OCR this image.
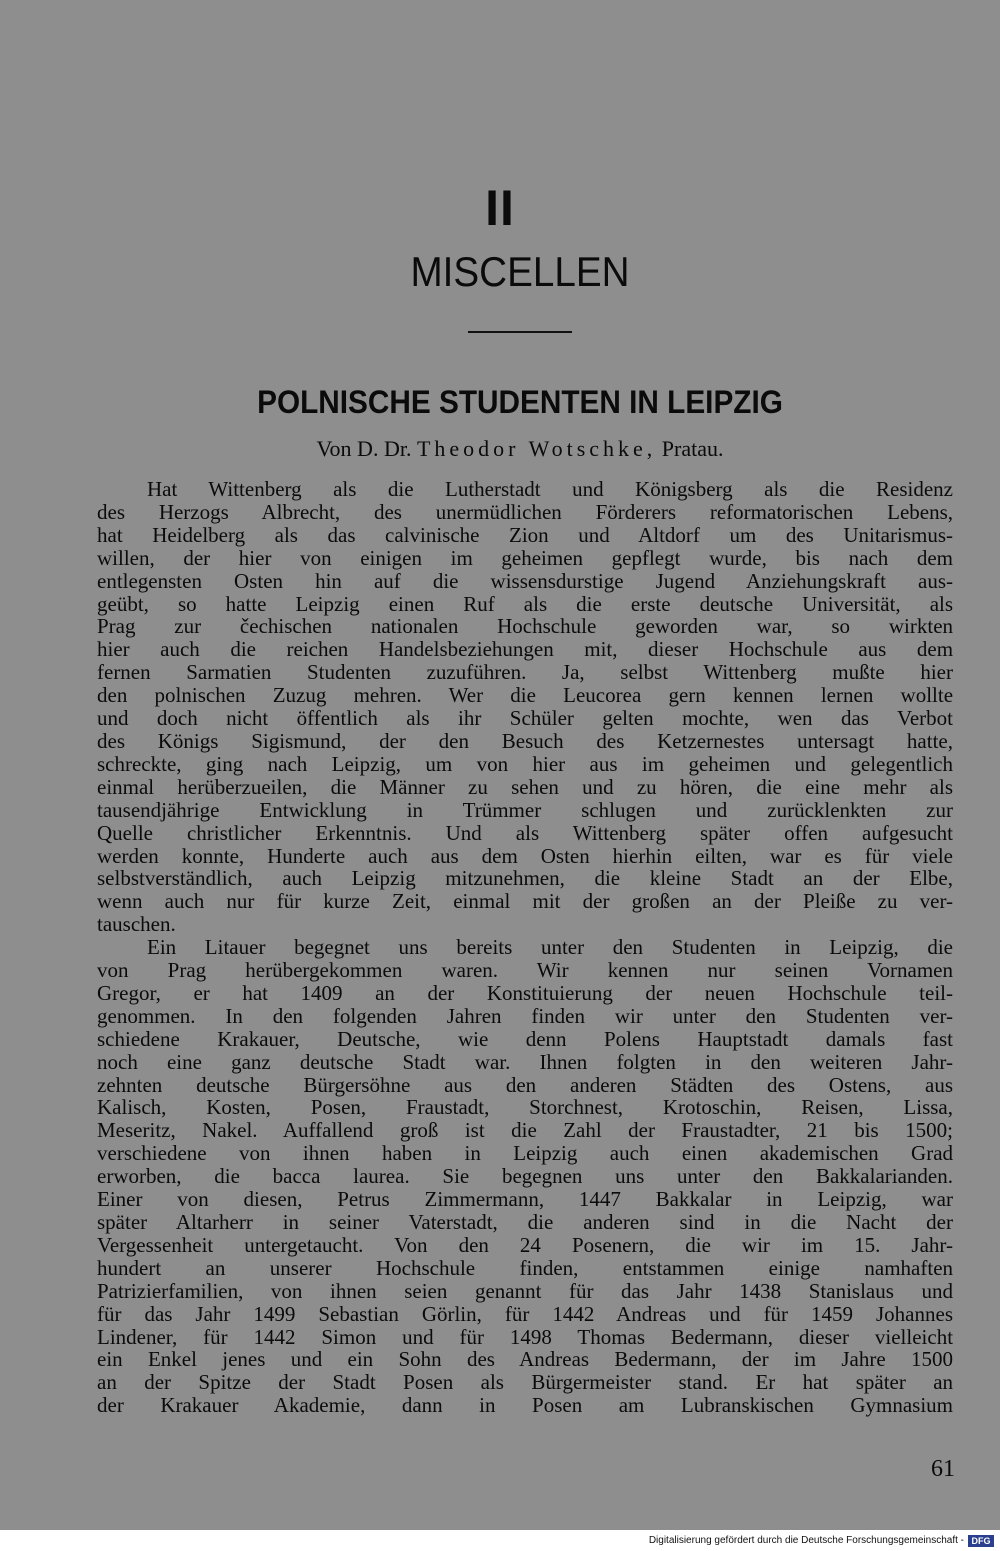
II
MISCELLEN
POLNISCHE STUDENTEN IN LEIPZIG
Von D. Dr. Theodor Wotschke, Pratau.
Hat Wittenberg als die Lutherstadt und Königsberg als die Residenz
des Herzogs Albrecht, des unermüdlichen Förderers reformatorischen Lebens,
hat Heidelberg als das calvinische Zion und Altdorf um des Unitarismus-
willen, der hier von einigen im geheimen gepflegt wurde, bis nach dem
entlegensten Osten hin auf die wissensdurstige Jugend Anziehungskraft aus-
geübt, so hatte Leipzig einen Ruf als die erste deutsche Universität, als
Prag zur čechischen nationalen Hochschule geworden war, so wirkten
hier auch die reichen Handelsbeziehungen mit, dieser Hochschule aus dem
fernen Sarmatien Studenten zuzuführen. Ja, selbst Wittenberg mußte hier
den polnischen Zuzug mehren. Wer die Leucorea gern kennen lernen wollte
und doch nicht öffentlich als ihr Schüler gelten mochte, wen das Verbot
des Königs Sigismund, der den Besuch des Ketzernestes untersagt hatte,
schreckte, ging nach Leipzig, um von hier aus im geheimen und gelegentlich
einmal herüberzueilen, die Männer zu sehen und zu hören, die eine mehr als
tausendjährige Entwicklung in Trümmer schlugen und zurücklenkten zur
Quelle christlicher Erkenntnis. Und als Wittenberg später offen aufgesucht
werden konnte, Hunderte auch aus dem Osten hierhin eilten, war es für viele
selbstverständlich, auch Leipzig mitzunehmen, die kleine Stadt an der Elbe,
wenn auch nur für kurze Zeit, einmal mit der großen an der Pleiße zu ver-
tauschen.
Ein Litauer begegnet uns bereits unter den Studenten in Leipzig, die
von Prag herübergekommen waren. Wir kennen nur seinen Vornamen
Gregor, er hat 1409 an der Konstituierung der neuen Hochschule teil-
genommen. In den folgenden Jahren finden wir unter den Studenten ver-
schiedene Krakauer, Deutsche, wie denn Polens Hauptstadt damals fast
noch eine ganz deutsche Stadt war. Ihnen folgten in den weiteren Jahr-
zehnten deutsche Bürgersöhne aus den anderen Städten des Ostens, aus
Kalisch, Kosten, Posen, Fraustadt, Storchnest, Krotoschin, Reisen, Lissa,
Meseritz, Nakel. Auffallend groß ist die Zahl der Fraustadter, 21 bis 1500;
verschiedene von ihnen haben in Leipzig auch einen akademischen Grad
erworben, die bacca laurea. Sie begegnen uns unter den Bakkalarianden.
Einer von diesen, Petrus Zimmermann, 1447 Bakkalar in Leipzig, war
später Altarherr in seiner Vaterstadt, die anderen sind in die Nacht der
Vergessenheit untergetaucht. Von den 24 Posenern, die wir im 15. Jahr-
hundert an unserer Hochschule finden, entstammen einige namhaften
Patrizierfamilien, von ihnen seien genannt für das Jahr 1438 Stanislaus und
für das Jahr 1499 Sebastian Görlin, für 1442 Andreas und für 1459 Johannes
Lindener, für 1442 Simon und für 1498 Thomas Bedermann, dieser vielleicht
ein Enkel jenes und ein Sohn des Andreas Bedermann, der im Jahre 1500
an der Spitze der Stadt Posen als Bürgermeister stand. Er hat später an
der Krakauer Akademie, dann in Posen am Lubranskischen Gymnasium
61
Digitalisierung gefördert durch die Deutsche Forschungsgemeinschaft - DFG
